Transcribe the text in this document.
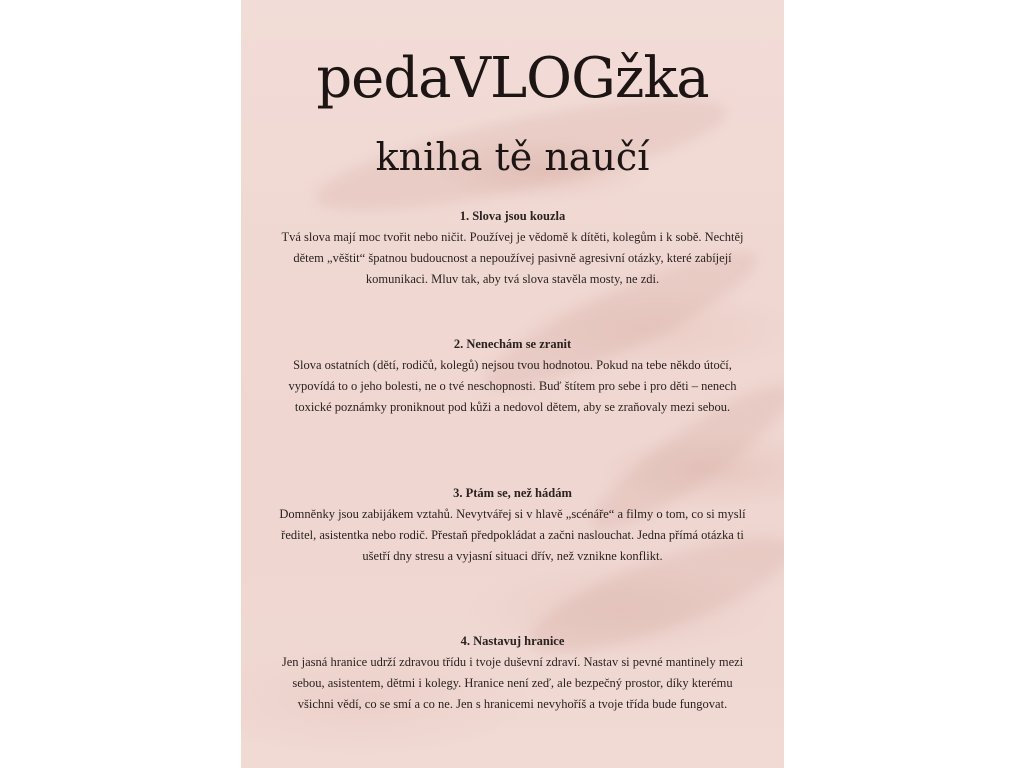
pedaVLOGžka
kniha tě naučí
1. Slova jsou kouzla

Tvá slova mají moc tvořit nebo ničit. Používej je vědomě k dítěti, kolegům i k sobě. Nechtěj dětem „věštit“ špatnou budoucnost a nepoužívej pasivně agresivní otázky, které zabíjejí komunikaci. Mluv tak, aby tvá slova stavěla mosty, ne zdi.

2. Nenechám se zranit

Slova ostatních (dětí, rodičů, kolegů) nejsou tvou hodnotou. Pokud na tebe někdo útočí, vypovídá to o jeho bolesti, ne o tvé neschopnosti. Buď štítem pro sebe i pro děti – nenech toxické poznámky proniknout pod kůži a nedovol dětem, aby se zraňovaly mezi sebou.

3. Ptám se, než hádám

Domněnky jsou zabijákem vztahů. Nevytvářej si v hlavě „scénáře“ a filmy o tom, co si myslí ředitel, asistentka nebo rodič. Přestaň předpokládat a začni naslouchat. Jedna přímá otázka ti ušetří dny stresu a vyjasní situaci dřív, než vznikne konflikt.

4. Nastavuj hranice

Jen jasná hranice udrží zdravou třídu i tvoje duševní zdraví. Nastav si pevné mantinely mezi sebou, asistentem, dětmi i kolegy. Hranice není zeď, ale bezpečný prostor, díky kterému všichni vědí, co se smí a co ne. Jen s hranicemi nevyhoříš a tvoje třída bude fungovat.
